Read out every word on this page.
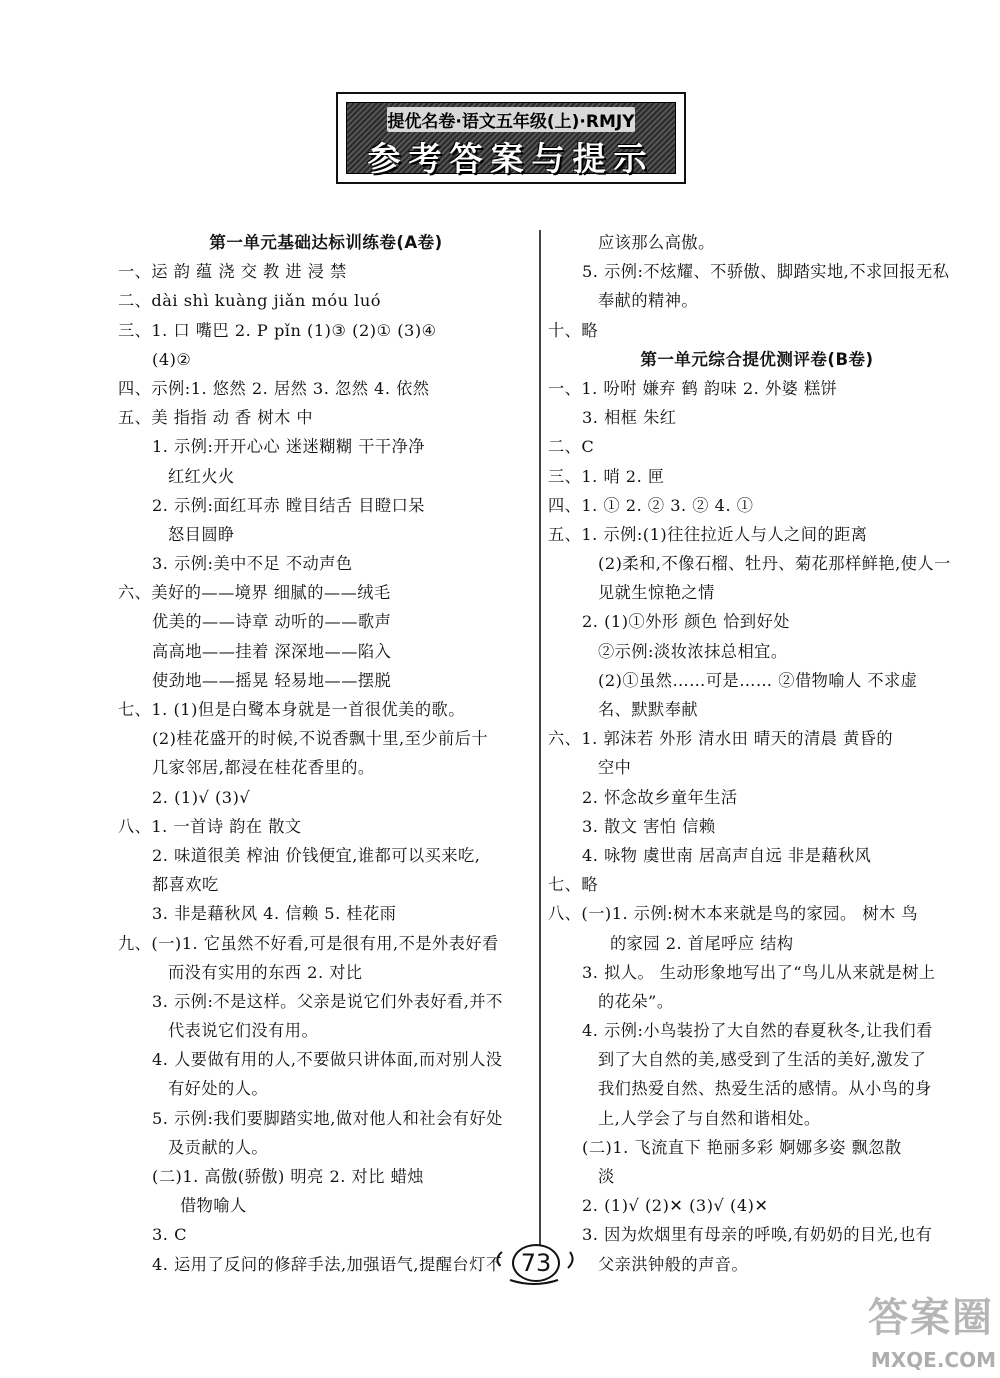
提优名卷·语文五年级(上)·RMJY
参考答案与提示
第一单元基础达标训练卷(A卷)
一、运 韵 蕴 浇 交 教 进 浸 禁
二、dài shì kuàng jiǎn móu luó
三、1. 口 嘴巴 2. P pǐn (1)③ (2)① (3)④
(4)②
四、示例:1. 悠然 2. 居然 3. 忽然 4. 依然
五、美 指指 动 香 树木 中
1. 示例:开开心心 迷迷糊糊 干干净净
红红火火
2. 示例:面红耳赤 瞠目结舌 目瞪口呆
怒目圆睁
3. 示例:美中不足 不动声色
六、美好的——境界 细腻的——绒毛
优美的——诗章 动听的——歌声
高高地——挂着 深深地——陷入
使劲地——摇晃 轻易地——摆脱
七、1. (1)但是白鹭本身就是一首很优美的歌。
(2)桂花盛开的时候,不说香飘十里,至少前后十
几家邻居,都浸在桂花香里的。
2. (1)√ (3)√
八、1. 一首诗 韵在 散文
2. 味道很美 榨油 价钱便宜,谁都可以买来吃,
都喜欢吃
3. 非是藉秋风 4. 信赖 5. 桂花雨
九、(一)1. 它虽然不好看,可是很有用,不是外表好看
而没有实用的东西 2. 对比
3. 示例:不是这样。父亲是说它们外表好看,并不
代表说它们没有用。
4. 人要做有用的人,不要做只讲体面,而对别人没
有好处的人。
5. 示例:我们要脚踏实地,做对他人和社会有好处
及贡献的人。
(二)1. 高傲(骄傲) 明亮 2. 对比 蜡烛
借物喻人
3. C
4. 运用了反问的修辞手法,加强语气,提醒台灯不
应该那么高傲。
5. 示例:不炫耀、不骄傲、脚踏实地,不求回报无私
奉献的精神。
十、略
第一单元综合提优测评卷(B卷)
一、1. 吩咐 嫌弃 鹤 韵味 2. 外婆 糕饼
3. 相框 朱红
二、C
三、1. 哨 2. 匣
四、1. ① 2. ② 3. ② 4. ①
五、1. 示例:(1)往往拉近人与人之间的距离
(2)柔和,不像石榴、牡丹、菊花那样鲜艳,使人一
见就生惊艳之情
2. (1)①外形 颜色 恰到好处
②示例:淡妆浓抹总相宜。
(2)①虽然……可是…… ②借物喻人 不求虚
名、默默奉献
六、1. 郭沫若 外形 清水田 晴天的清晨 黄昏的
空中
2. 怀念故乡童年生活
3. 散文 害怕 信赖
4. 咏物 虞世南 居高声自远 非是藉秋风
七、略
八、(一)1. 示例:树木本来就是鸟的家园。 树木 鸟
的家园 2. 首尾呼应 结构
3. 拟人。 生动形象地写出了“鸟儿从来就是树上
的花朵”。
4. 示例:小鸟装扮了大自然的春夏秋冬,让我们看
到了大自然的美,感受到了生活的美好,激发了
我们热爱自然、热爱生活的感情。从小鸟的身
上,人学会了与自然和谐相处。
(二)1. 飞流直下 艳丽多彩 婀娜多姿 飘忽散
淡
2. (1)√ (2)✕ (3)√ (4)✕
3. 因为炊烟里有母亲的呼唤,有奶奶的目光,也有
父亲洪钟般的声音。
73
答案圈
MXQE.COM
